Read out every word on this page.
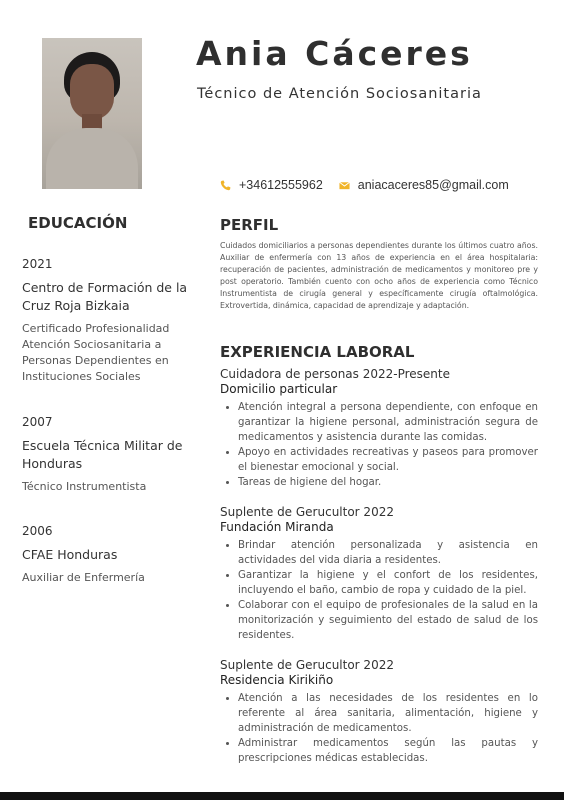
Ania Cáceres

Técnico de Atención Sociosanitaria

+34612555962	aniacaceres85@gmail.com
EDUCACIÓN

2021

Centro de Formación de la Cruz Roja Bizkaia

Certificado Profesionalidad Atención Sociosanitaria a Personas Dependientes en Instituciones Sociales

2007

Escuela Técnica Militar de Honduras

Técnico Instrumentista

2006

CFAE Honduras

Auxiliar de Enfermería

PERFIL

Cuidados domiciliarios a personas dependientes durante los últimos cuatro años. Auxiliar de enfermería con 13 años de experiencia en el área hospitalaria: recuperación de pacientes, administración de medicamentos y monitoreo pre y post operatorio. También cuento con ocho años de experiencia como Técnico Instrumentista de cirugía general y específicamente cirugía oftalmológica. Extrovertida, dinámica, capacidad de aprendizaje y adaptación.

EXPERIENCIA LABORAL

Cuidadora de personas 2022-Presente

Domicilio particular

• Atención integral a persona dependiente, con enfoque en garantizar la higiene personal, administración segura de medicamentos y asistencia durante las comidas.
• Apoyo en actividades recreativas y paseos para promover el bienestar emocional y social.
• Tareas de higiene del hogar.

Suplente de Gerucultor 2022

Fundación Miranda

• Brindar atención personalizada y asistencia en actividades del vida diaria a residentes.
• Garantizar la higiene y el confort de los residentes, incluyendo el baño, cambio de ropa y cuidado de la piel.
• Colaborar con el equipo de profesionales de la salud en la monitorización y seguimiento del estado de salud de los residentes.

Suplente de Gerucultor 2022

Residencia Kirikiño

• Atención a las necesidades de los residentes en lo referente al área sanitaria, alimentación, higiene y administración de medicamentos.
• Administrar medicamentos según las pautas y prescripciones médicas establecidas.
